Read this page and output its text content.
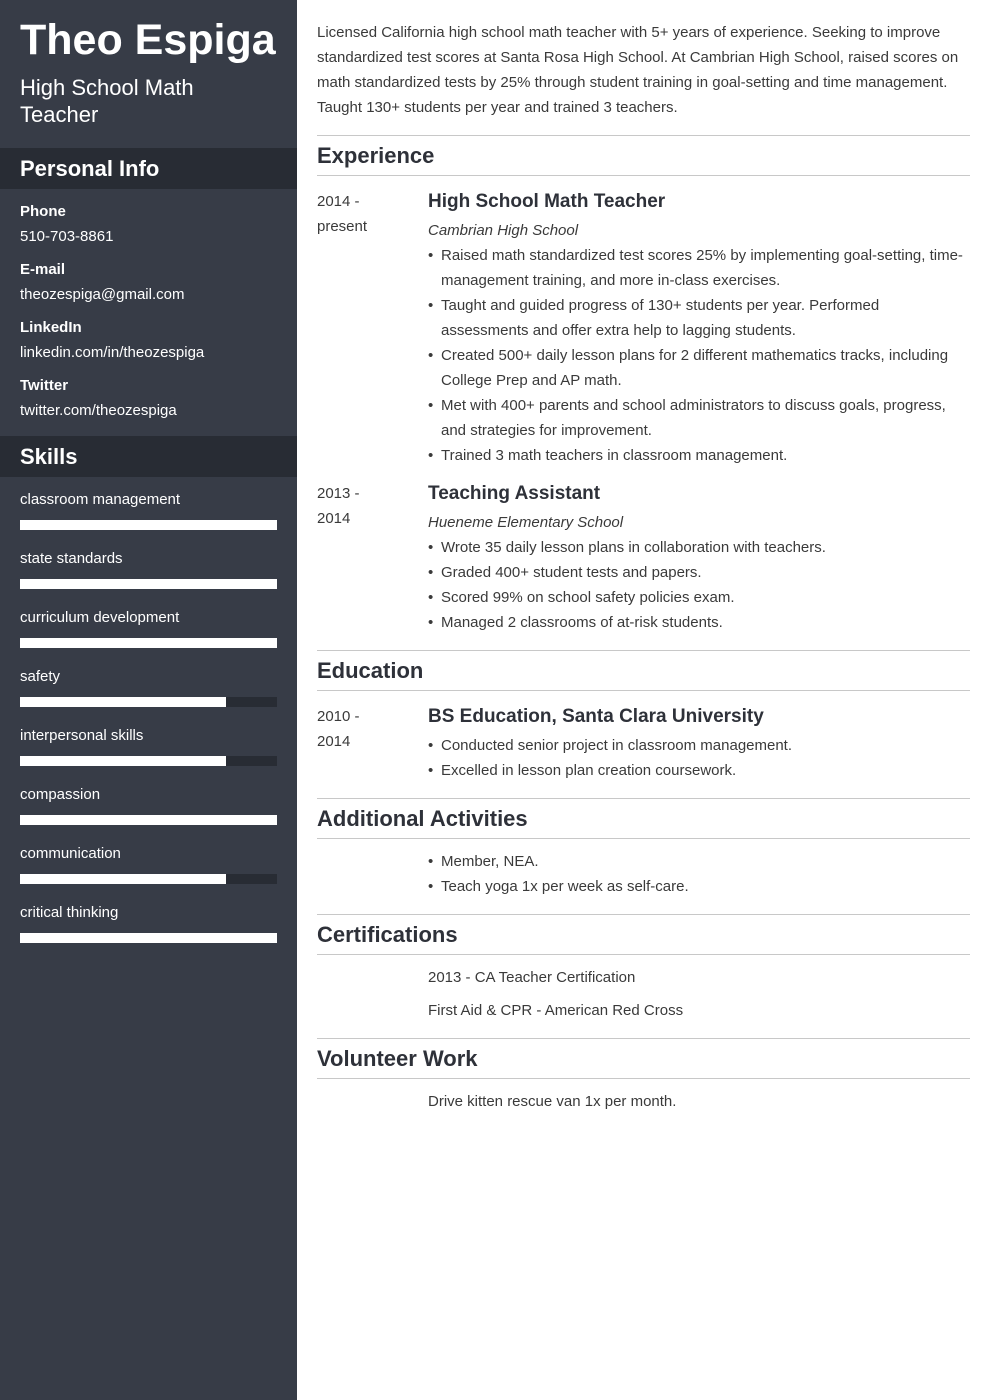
Theo Espiga
High School Math Teacher
Personal Info
Phone
510-703-8861
E-mail
theozespiga@gmail.com
LinkedIn
linkedin.com/in/theozespiga
Twitter
twitter.com/theozespiga
Skills
classroom management
state standards
curriculum development
safety
interpersonal skills
compassion
communication
critical thinking

Licensed California high school math teacher with 5+ years of experience. Seeking to improve standardized test scores at Santa Rosa High School. At Cambrian High School, raised scores on math standardized tests by 25% through student training in goal-setting and time management. Taught 130+ students per year and trained 3 teachers.

Experience
2014 -
present
High School Math Teacher
Cambrian High School
• Raised math standardized test scores 25% by implementing goal-setting, time-management training, and more in-class exercises.
• Taught and guided progress of 130+ students per year. Performed assessments and offer extra help to lagging students.
• Created 500+ daily lesson plans for 2 different mathematics tracks, including College Prep and AP math.
• Met with 400+ parents and school administrators to discuss goals, progress, and strategies for improvement.
• Trained 3 math teachers in classroom management.
2013 -
2014
Teaching Assistant
Hueneme Elementary School
• Wrote 35 daily lesson plans in collaboration with teachers.
• Graded 400+ student tests and papers.
• Scored 99% on school safety policies exam.
• Managed 2 classrooms of at-risk students.
Education
2010 -
2014
BS Education, Santa Clara University
• Conducted senior project in classroom management.
• Excelled in lesson plan creation coursework.
Additional Activities
• Member, NEA.
• Teach yoga 1x per week as self-care.
Certifications
2013 - CA Teacher Certification
First Aid & CPR - American Red Cross
Volunteer Work
Drive kitten rescue van 1x per month.
